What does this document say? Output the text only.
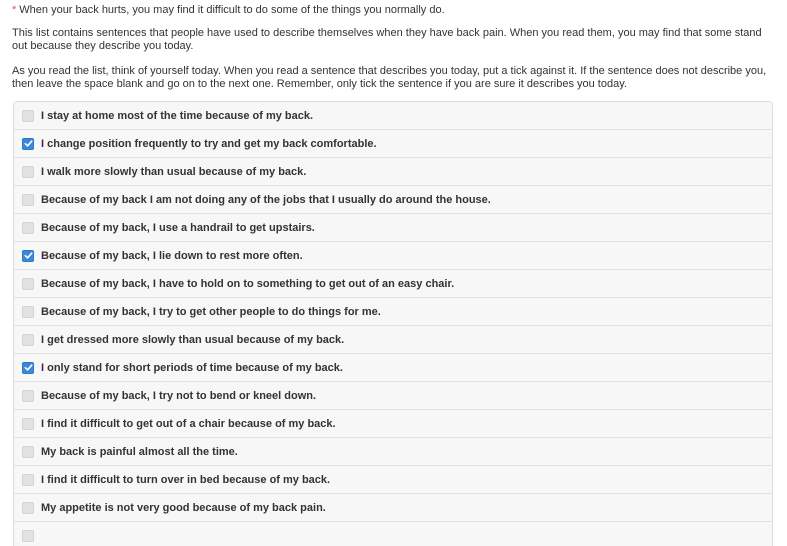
* When your back hurts, you may find it difficult to do some of the things you normally do.
This list contains sentences that people have used to describe themselves when they have back pain. When you read them, you may find that some stand out because they describe you today.
As you read the list, think of yourself today. When you read a sentence that describes you today, put a tick against it. If the sentence does not describe you, then leave the space blank and go on to the next one. Remember, only tick the sentence if you are sure it describes you today.
I stay at home most of the time because of my back.
I change position frequently to try and get my back comfortable.
I walk more slowly than usual because of my back.
Because of my back I am not doing any of the jobs that I usually do around the house.
Because of my back, I use a handrail to get upstairs.
Because of my back, I lie down to rest more often.
Because of my back, I have to hold on to something to get out of an easy chair.
Because of my back, I try to get other people to do things for me.
I get dressed more slowly than usual because of my back.
I only stand for short periods of time because of my back.
Because of my back, I try not to bend or kneel down.
I find it difficult to get out of a chair because of my back.
My back is painful almost all the time.
I find it difficult to turn over in bed because of my back.
My appetite is not very good because of my back pain.
